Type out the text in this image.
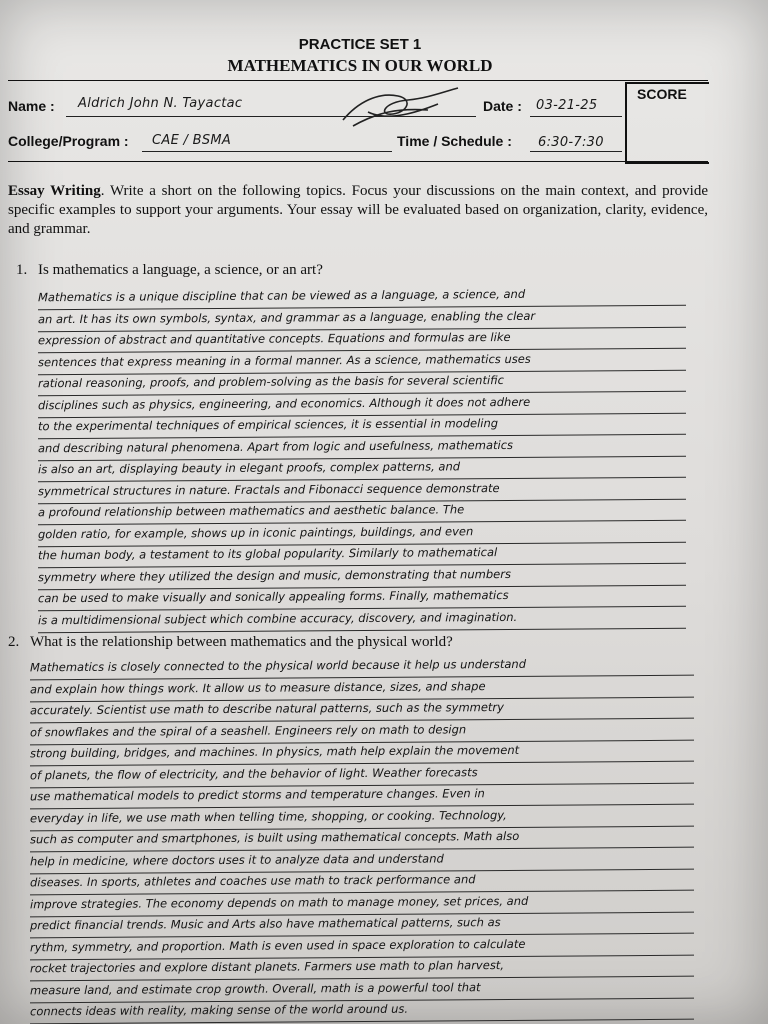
PRACTICE SET 1
MATHEMATICS IN OUR WORLD
Name : Aldrich John N. Tayactac	Date : 03-21-25
College/Program : CAE / BSMA	Time / Schedule : 6:30-7:30
SCORE
Essay Writing. Write a short on the following topics. Focus your discussions on the main context, and provide specific examples to support your arguments. Your essay will be evaluated based on organization, clarity, evidence, and grammar.
1. Is mathematics a language, a science, or an art?
Mathematics is a unique discipline that can be viewed as a language, a science, and
an art. It has its own symbols, syntax, and grammar as a language, enabling the clear
expression of abstract and quantitative concepts. Equations and formulas are like
sentences that express meaning in a formal manner. As a science, mathematics uses
rational reasoning, proofs, and problem-solving as the basis for several scientific
disciplines such as physics, engineering, and economics. Although it does not adhere
to the experimental techniques of empirical sciences, it is essential in modeling
and describing natural phenomena. Apart from logic and usefulness, mathematics
is also an art, displaying beauty in elegant proofs, complex patterns, and
symmetrical structures in nature. Fractals and Fibonacci sequence demonstrate
a profound relationship between mathematics and aesthetic balance. The
golden ratio, for example, shows up in iconic paintings, buildings, and even
the human body, a testament to its global popularity. Similarly to mathematical
symmetry where they utilized the design and music, demonstrating that numbers
can be used to make visually and sonically appealing forms. Finally, mathematics
is a multidimensional subject which combine accuracy, discovery, and imagination.
2. What is the relationship between mathematics and the physical world?
Mathematics is closely connected to the physical world because it help us understand
and explain how things work. It allow us to measure distance, sizes, and shape
accurately. Scientist use math to describe natural patterns, such as the symmetry
of snowflakes and the spiral of a seashell. Engineers rely on math to design
strong building, bridges, and machines. In physics, math help explain the movement
of planets, the flow of electricity, and the behavior of light. Weather forecasts
use mathematical models to predict storms and temperature changes. Even in
everyday in life, we use math when telling time, shopping, or cooking. Technology,
such as computer and smartphones, is built using mathematical concepts. Math also
help in medicine, where doctors uses it to analyze data and understand
diseases. In sports, athletes and coaches use math to track performance and
improve strategies. The economy depends on math to manage money, set prices, and
predict financial trends. Music and Arts also have mathematical patterns, such as
rythm, symmetry, and proportion. Math is even used in space exploration to calculate
rocket trajectories and explore distant planets. Farmers use math to plan harvest,
measure land, and estimate crop growth. Overall, math is a powerful tool that
connects ideas with reality, making sense of the world around us.
